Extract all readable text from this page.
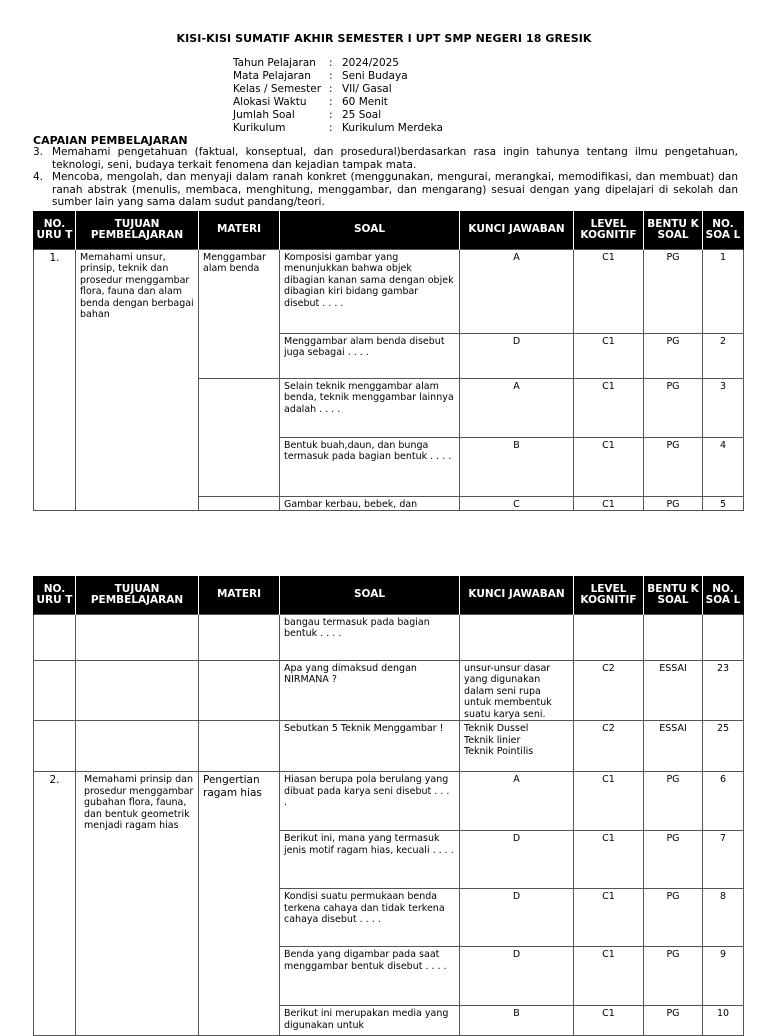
KISI-KISI SUMATIF AKHIR SEMESTER I UPT SMP NEGERI 18 GRESIK
Tahun Pelajaran	:	2024/2025
Mata Pelajaran	:	Seni Budaya
Kelas / Semester	:	VII/ Gasal
Alokasi Waktu	:	60 Menit
Jumlah Soal	:	25 Soal
Kurikulum	:	Kurikulum Merdeka
CAPAIAN PEMBELAJARAN
3. Memahami pengetahuan (faktual, konseptual, dan prosedural)berdasarkan rasa ingin tahunya tentang ilmu pengetahuan, teknologi, seni, budaya terkait fenomena dan kejadian tampak mata.
4. Mencoba, mengolah, dan menyaji dalam ranah konkret (menggunakan, mengurai, merangkai, memodifikasi, dan membuat) dan ranah abstrak (menulis, membaca, menghitung, menggambar, dan mengarang) sesuai dengan yang dipelajari di sekolah dan sumber lain yang sama dalam sudut pandang/teori.
NO. URU T	TUJUAN PEMBELAJARAN	MATERI	SOAL	KUNCI JAWABAN	LEVEL KOGNITIF	BENTU K SOAL	NO. SOA L
1.	Memahami unsur, prinsip, teknik dan prosedur menggambar flora, fauna dan alam benda dengan berbagai bahan	Menggambar alam benda	Komposisi gambar yang menunjukkan bahwa objek dibagian kanan sama dengan objek dibagian kiri bidang gambar disebut . . . .	A	C1	PG	1
			Menggambar alam benda disebut juga sebagai . . . .	D	C1	PG	2
			Selain teknik menggambar alam benda, teknik menggambar lainnya adalah . . . .	A	C1	PG	3
			Bentuk buah,daun, dan bunga termasuk pada bagian bentuk . . . .	B	C1	PG	4
			Gambar kerbau, bebek, dan	C	C1	PG	5
NO. URU T	TUJUAN PEMBELAJARAN	MATERI	SOAL	KUNCI JAWABAN	LEVEL KOGNITIF	BENTU K SOAL	NO. SOA L
			bangau termasuk pada bagian bentuk . . . .				
			Apa yang dimaksud dengan NIRMANA ?	unsur-unsur dasar yang digunakan dalam seni rupa untuk membentuk suatu karya seni.	C2	ESSAI	23
			Sebutkan 5 Teknik Menggambar !	Teknik Dussel
Teknik linier
Teknik Pointilis	C2	ESSAI	25
2.	Memahami prinsip dan prosedur menggambar gubahan flora, fauna, dan bentuk geometrik menjadi ragam hias	Pengertian ragam hias	Hiasan berupa pola berulang yang dibuat pada karya seni disebut . . . .	A	C1	PG	6
			Berikut ini, mana yang termasuk jenis motif ragam hias, kecuali . . . .	D	C1	PG	7
			Kondisi suatu permukaan benda terkena cahaya dan tidak terkena cahaya disebut . . . .	D	C1	PG	8
			Benda yang digambar pada saat menggambar bentuk disebut . . . .	D	C1	PG	9
			Berikut ini merupakan media yang digunakan untuk	B	C1	PG	10
